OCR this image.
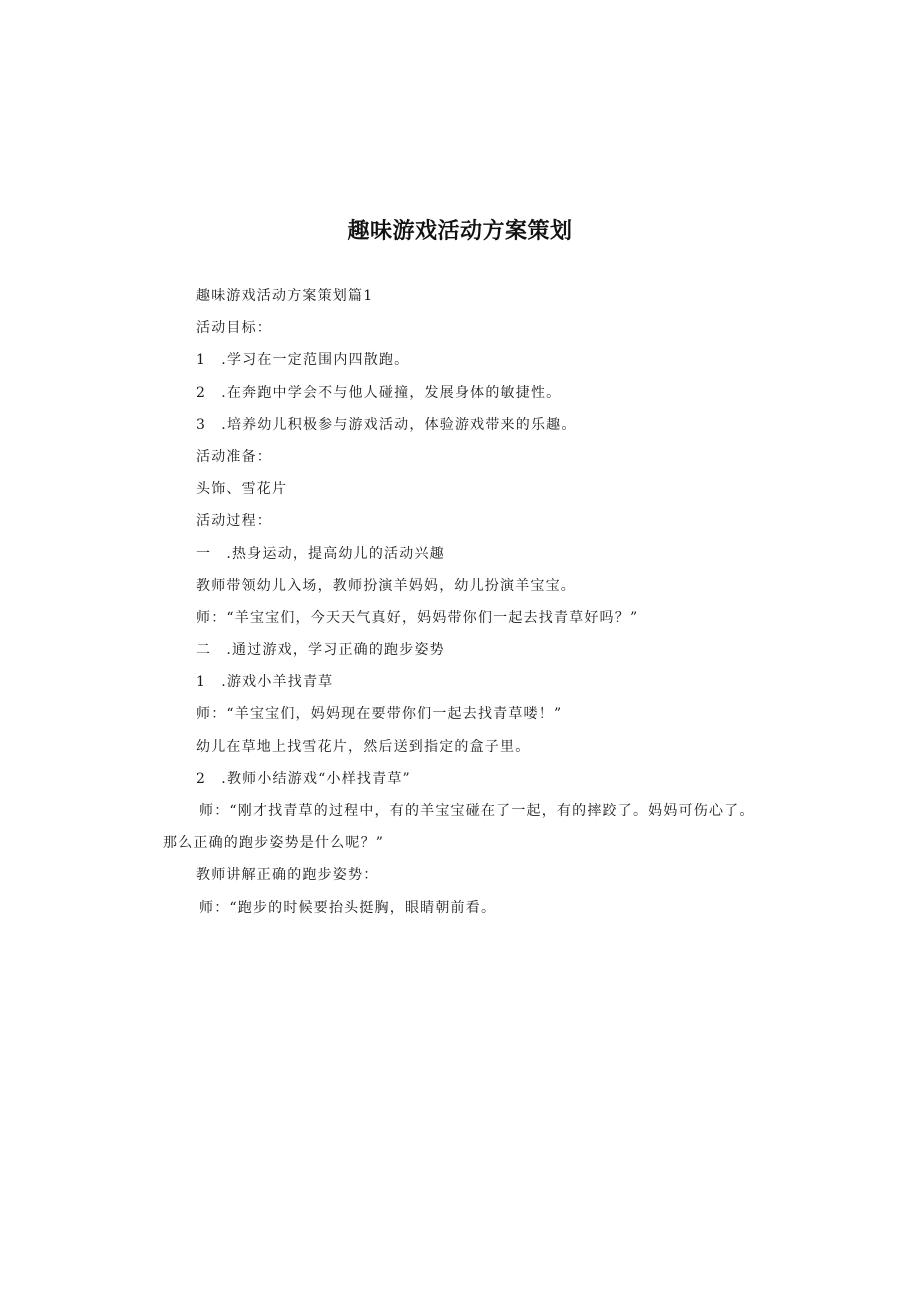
趣味游戏活动方案策划
趣味游戏活动方案策划篇1
活动目标：
1　.学习在一定范围内四散跑。
2　.在奔跑中学会不与他人碰撞，发展身体的敏捷性。
3　.培养幼儿积极参与游戏活动，体验游戏带来的乐趣。
活动准备：
头饰、雪花片
活动过程：
一　.热身运动，提高幼儿的活动兴趣
教师带领幼儿入场，教师扮演羊妈妈，幼儿扮演羊宝宝。
师：“羊宝宝们，今天天气真好，妈妈带你们一起去找青草好吗？”
二　.通过游戏，学习正确的跑步姿势
1　.游戏小羊找青草
师：“羊宝宝们，妈妈现在要带你们一起去找青草喽！”
幼儿在草地上找雪花片，然后送到指定的盒子里。
2　.教师小结游戏“小样找青草”
师：“刚才找青草的过程中，有的羊宝宝碰在了一起，有的摔跤了。妈妈可伤心了。
那么正确的跑步姿势是什么呢？”
教师讲解正确的跑步姿势：
师：“跑步的时候要抬头挺胸，眼睛朝前看。
